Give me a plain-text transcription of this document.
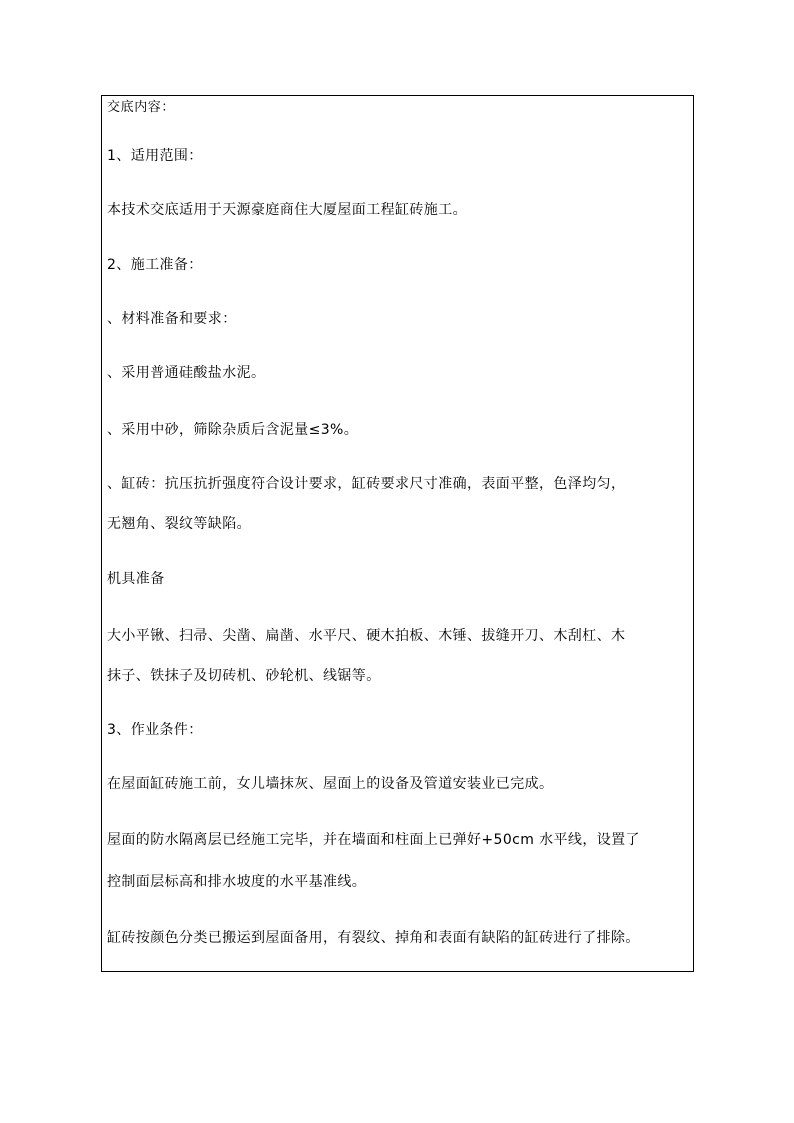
交底内容：
1、适用范围：
本技术交底适用于天源豪庭商住大厦屋面工程缸砖施工。
2、施工准备：
、材料准备和要求：
、采用普通硅酸盐水泥。
、采用中砂，筛除杂质后含泥量≤3%。
、缸砖：抗压抗折强度符合设计要求，缸砖要求尺寸准确，表面平整，色泽均匀，
无翘角、裂纹等缺陷。
机具准备
大小平锹、扫帚、尖凿、扁凿、水平尺、硬木拍板、木锤、拔缝开刀、木刮杠、木
抹子、铁抹子及切砖机、砂轮机、线锯等。
3、作业条件：
在屋面缸砖施工前，女儿墙抹灰、屋面上的设备及管道安装业已完成。
屋面的防水隔离层已经施工完毕，并在墙面和柱面上已弹好+50cm 水平线，设置了
控制面层标高和排水坡度的水平基准线。
缸砖按颜色分类已搬运到屋面备用，有裂纹、掉角和表面有缺陷的缸砖进行了排除。
